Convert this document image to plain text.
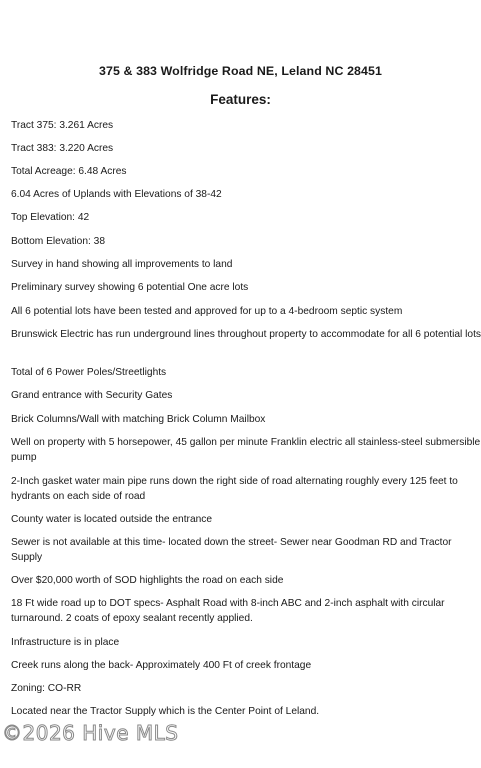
375 & 383 Wolfridge Road NE, Leland NC 28451
Features:
Tract 375: 3.261 Acres
Tract 383: 3.220 Acres
Total Acreage: 6.48 Acres
6.04 Acres of Uplands with Elevations of 38-42
Top Elevation: 42
Bottom Elevation: 38
Survey in hand showing all improvements to land
Preliminary survey showing 6 potential One acre lots
All 6 potential lots have been tested and approved for up to a 4-bedroom septic system
Brunswick Electric has run underground lines throughout property to accommodate for all 6 potential lots
Total of 6 Power Poles/Streetlights
Grand entrance with Security Gates
Brick Columns/Wall with matching Brick Column Mailbox
Well on property with 5 horsepower, 45 gallon per minute Franklin electric all stainless-steel submersible pump
2-Inch gasket water main pipe runs down the right side of road alternating roughly every 125 feet to hydrants on each side of road
County water is located outside the entrance
Sewer is not available at this time- located down the street- Sewer near Goodman RD and Tractor Supply
Over $20,000 worth of SOD highlights the road on each side
18 Ft wide road up to DOT specs- Asphalt Road with 8-inch ABC and 2-inch asphalt with circular turnaround. 2 coats of epoxy sealant recently applied.
Infrastructure is in place
Creek runs along the back- Approximately 400 Ft of creek frontage
Zoning: CO-RR
Located near the Tractor Supply which is the Center Point of Leland.
©2026 Hive MLS
